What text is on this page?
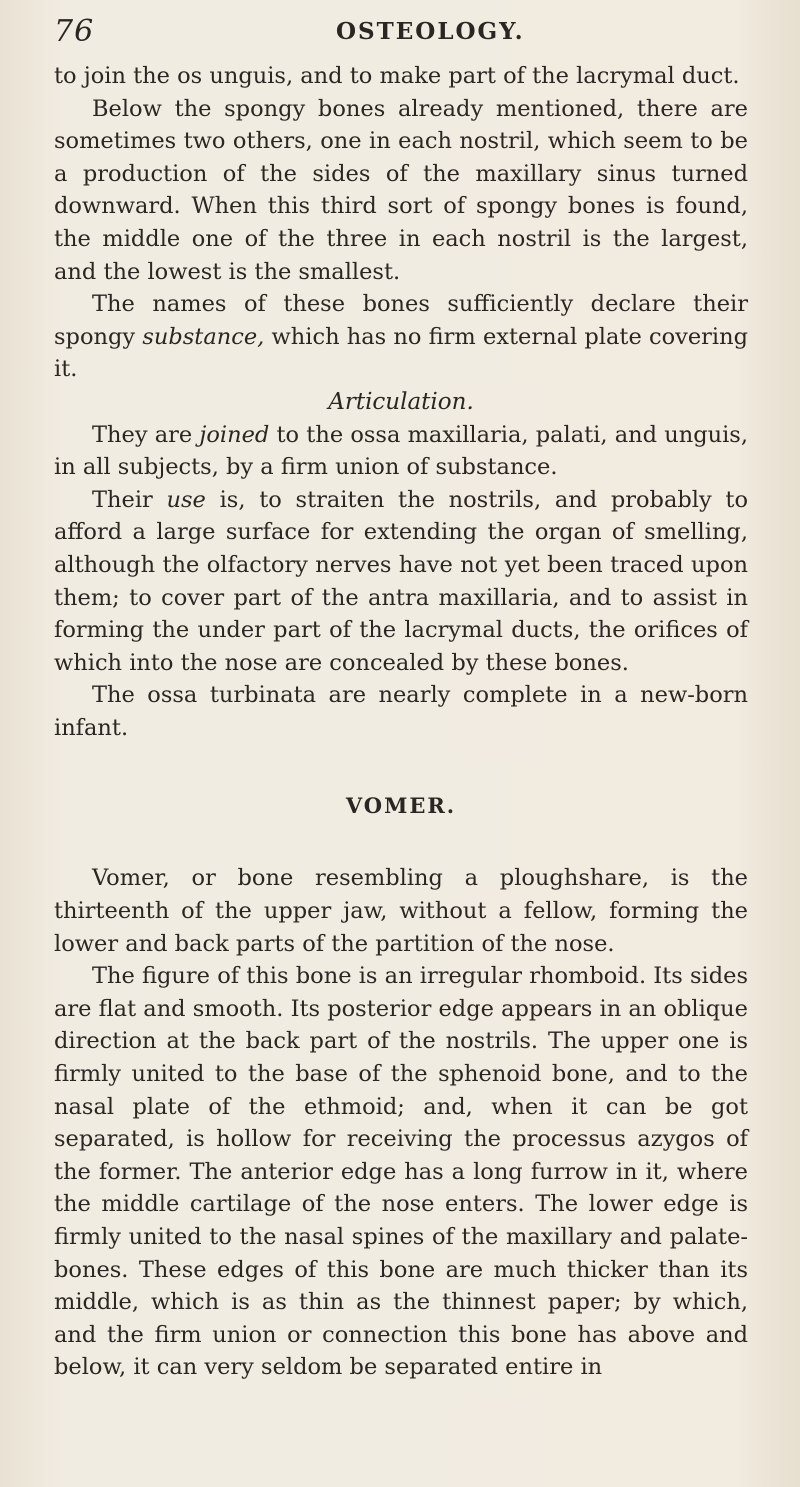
76	OSTEOLOGY.

to join the os unguis, and to make part of the lacrymal duct.

Below the spongy bones already mentioned, there are sometimes two others, one in each nostril, which seem to be a production of the sides of the maxillary sinus turned downward. When this third sort of spongy bones is found, the middle one of the three in each nostril is the largest, and the lowest is the smallest.

The names of these bones sufficiently declare their spongy substance, which has no firm external plate covering it.

Articulation.

They are joined to the ossa maxillaria, palati, and unguis, in all subjects, by a firm union of substance.

Their use is, to straiten the nostrils, and probably to afford a large surface for extending the organ of smelling, although the olfactory nerves have not yet been traced upon them; to cover part of the antra maxillaria, and to assist in forming the under part of the lacrymal ducts, the orifices of which into the nose are concealed by these bones.

The ossa turbinata are nearly complete in a new-born infant.

VOMER.

Vomer, or bone resembling a ploughshare, is the thirteenth of the upper jaw, without a fellow, forming the lower and back parts of the partition of the nose.

The figure of this bone is an irregular rhomboid. Its sides are flat and smooth. Its posterior edge appears in an oblique direction at the back part of the nostrils. The upper one is firmly united to the base of the sphenoid bone, and to the nasal plate of the ethmoid; and, when it can be got separated, is hollow for receiving the processus azygos of the former. The anterior edge has a long furrow in it, where the middle cartilage of the nose enters. The lower edge is firmly united to the nasal spines of the maxillary and palate-bones. These edges of this bone are much thicker than its middle, which is as thin as the thinnest paper; by which, and the firm union or connection this bone has above and below, it can very seldom be separated entire in
